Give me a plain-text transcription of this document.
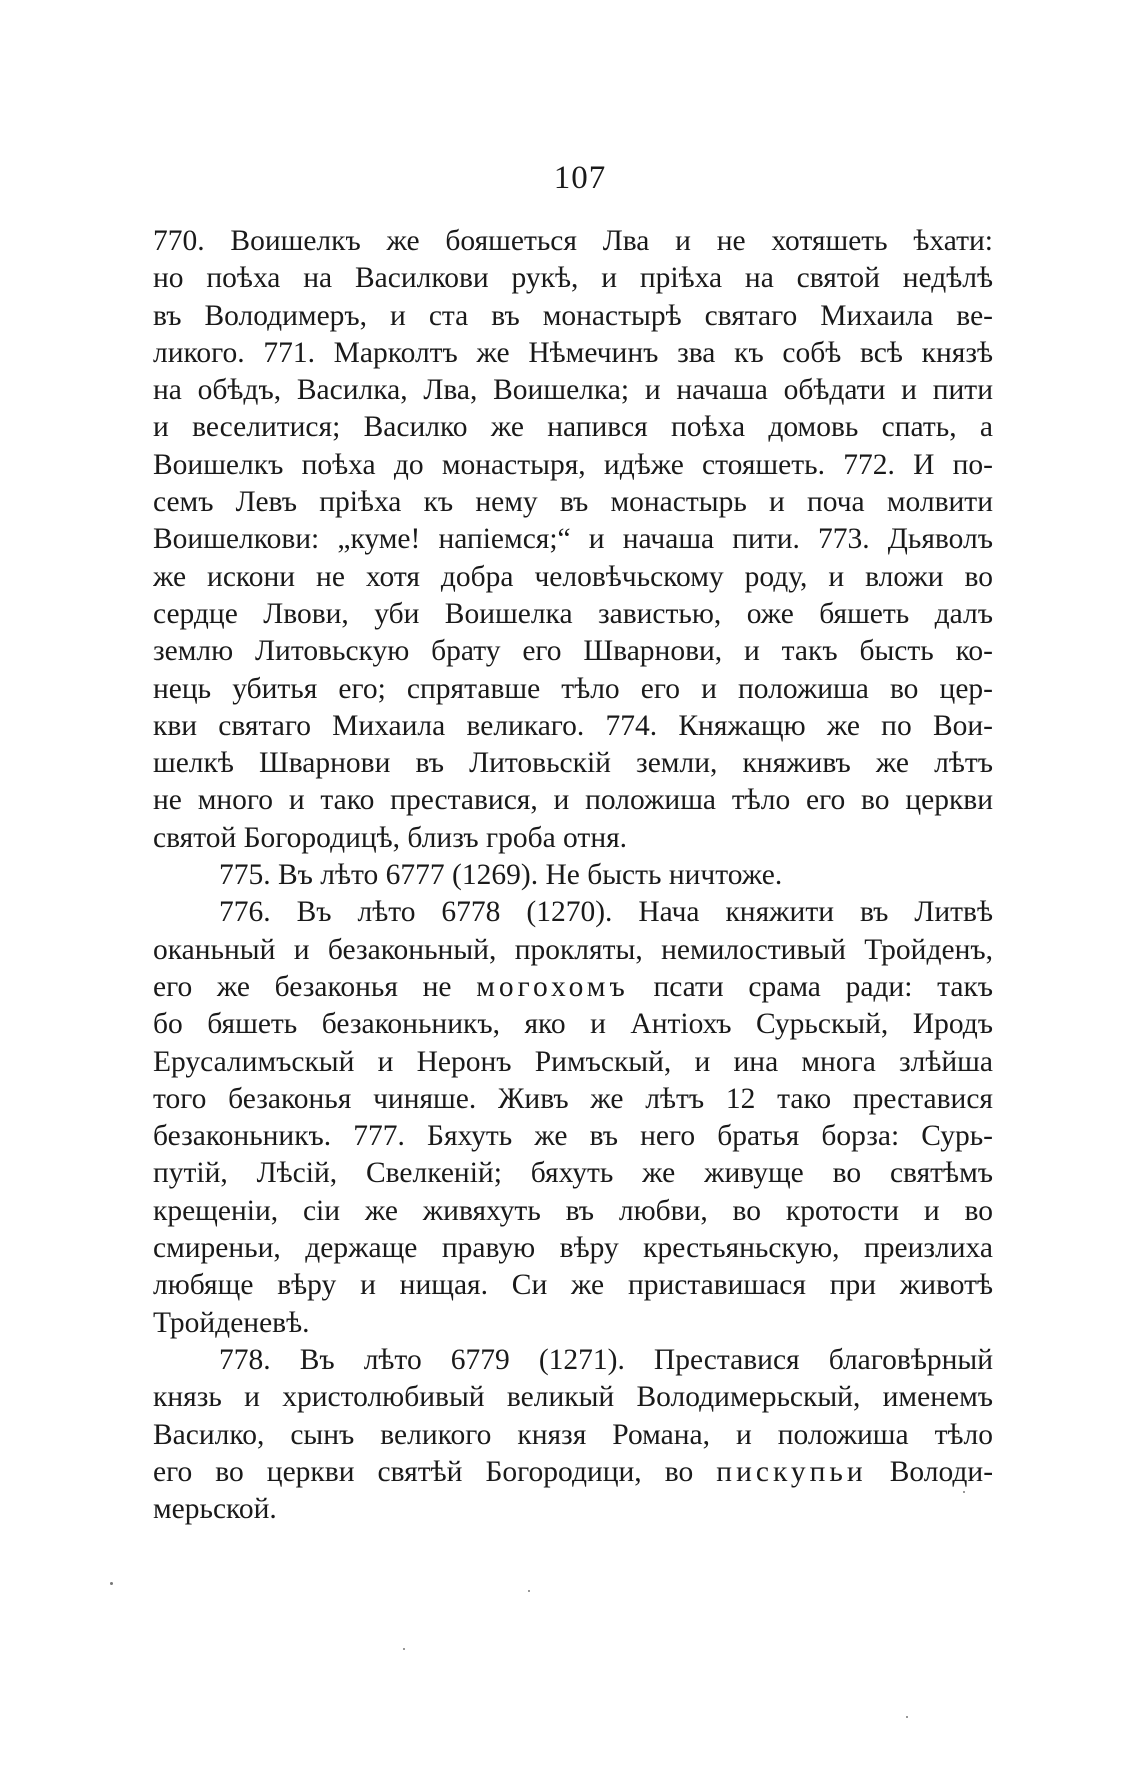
107
770. Воишелкъ же бояшеться Лва и не хотяшеть ѣхати:
но поѣха на Василкови рукѣ, и пріѣха на святой недѣлѣ
въ Володимеръ, и ста въ монастырѣ святаго Михаила ве-
ликого. 771. Марколтъ же Нѣмечинъ зва къ собѣ всѣ князѣ
на обѣдъ, Василка, Лва, Воишелка; и начаша обѣдати и пити
и веселитися; Василко же напився поѣха домовь спать, а
Воишелкъ поѣха до монастыря, идѣже стояшеть. 772. И по-
семъ Левъ пріѣха къ нему въ монастырь и поча молвити
Воишелкови: „куме! напіемся;“ и начаша пити. 773. Дьяволъ
же искони не хотя добра человѣчьскому роду, и вложи во
сердце Лвови, уби Воишелка завистью, оже бяшеть далъ
землю Литовьскую брату его Шварнови, и такъ бысть ко-
нець убитья его; спрятавше тѣло его и положиша во цер-
кви святаго Михаила великаго. 774. Княжащю же по Вои-
шелкѣ Шварнови въ Литовьскій земли, княживъ же лѣтъ
не много и тако преставися, и положиша тѣло его во церкви
святой Богородицѣ, близъ гроба отня.
775. Въ лѣто 6777 (1269). Не бысть ничтоже.
776. Въ лѣто 6778 (1270). Нача княжити въ Литвѣ
оканьный и безаконьный, прокляты, немилостивый Тройденъ,
его же безаконья не могохомъ псати срама ради: такъ
бо бяшеть безаконьникъ, яко и Антіохъ Сурьскый, Иродъ
Ерусалимъскый и Неронъ Римъскый, и ина многа злѣйша
того безаконья чиняше. Живъ же лѣтъ 12 тако преставися
безаконьникъ. 777. Бяхуть же въ него братья борза: Сурь-
путій, Лѣсій, Свелкеній; бяхуть же живуще во святѣмъ
крещеніи, сіи же живяхуть въ любви, во кротости и во
смиреньи, держаще правую вѣру крестьяньскую, преизлиха
любяще вѣру и нищая. Си же приставишася при животѣ
Тройденевѣ.
778. Въ лѣто 6779 (1271). Преставися благовѣрный
князь и христолюбивый великый Володимерьскый, именемъ
Василко, сынъ великого князя Романа, и положиша тѣло
его во церкви святѣй Богородици, во пискупьи Володи-
мерьской.
